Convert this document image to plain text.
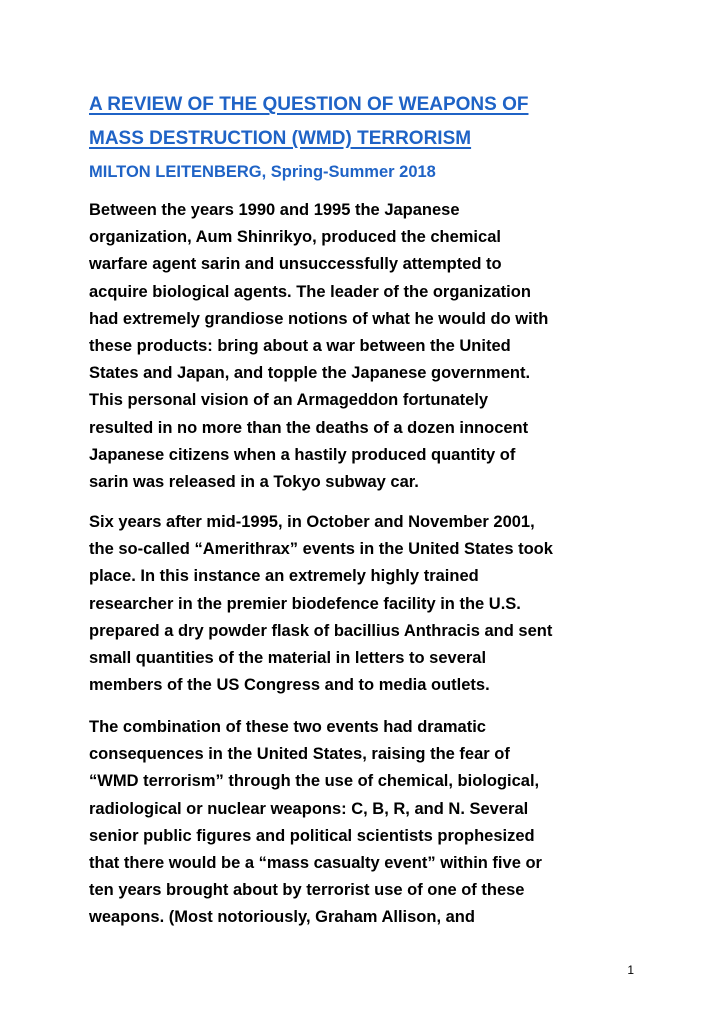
A REVIEW OF THE QUESTION OF WEAPONS OF
MASS DESTRUCTION (WMD) TERRORISM

MILTON LEITENBERG, Spring-Summer 2018

Between the years 1990 and 1995 the Japanese
organization, Aum Shinrikyo, produced the chemical
warfare agent sarin and unsuccessfully attempted to
acquire biological agents. The leader of the organization
had extremely grandiose notions of what he would do with
these products: bring about a war between the United
States and Japan, and topple the Japanese government.
This personal vision of an Armageddon fortunately
resulted in no more than the deaths of a dozen innocent
Japanese citizens when a hastily produced quantity of
sarin was released in a Tokyo subway car.

Six years after mid-1995, in October and November 2001,
the so-called “Amerithrax” events in the United States took
place. In this instance an extremely highly trained
researcher in the premier biodefence facility in the U.S.
prepared a dry powder flask of bacillius Anthracis and sent
small quantities of the material in letters to several
members of the US Congress and to media outlets.

The combination of these two events had dramatic
consequences in the United States, raising the fear of
“WMD terrorism” through the use of chemical, biological,
radiological or nuclear weapons: C, B, R, and N. Several
senior public figures and political scientists prophesized
that there would be a “mass casualty event” within five or
ten years brought about by terrorist use of one of these
weapons. (Most notoriously, Graham Allison, and

1
